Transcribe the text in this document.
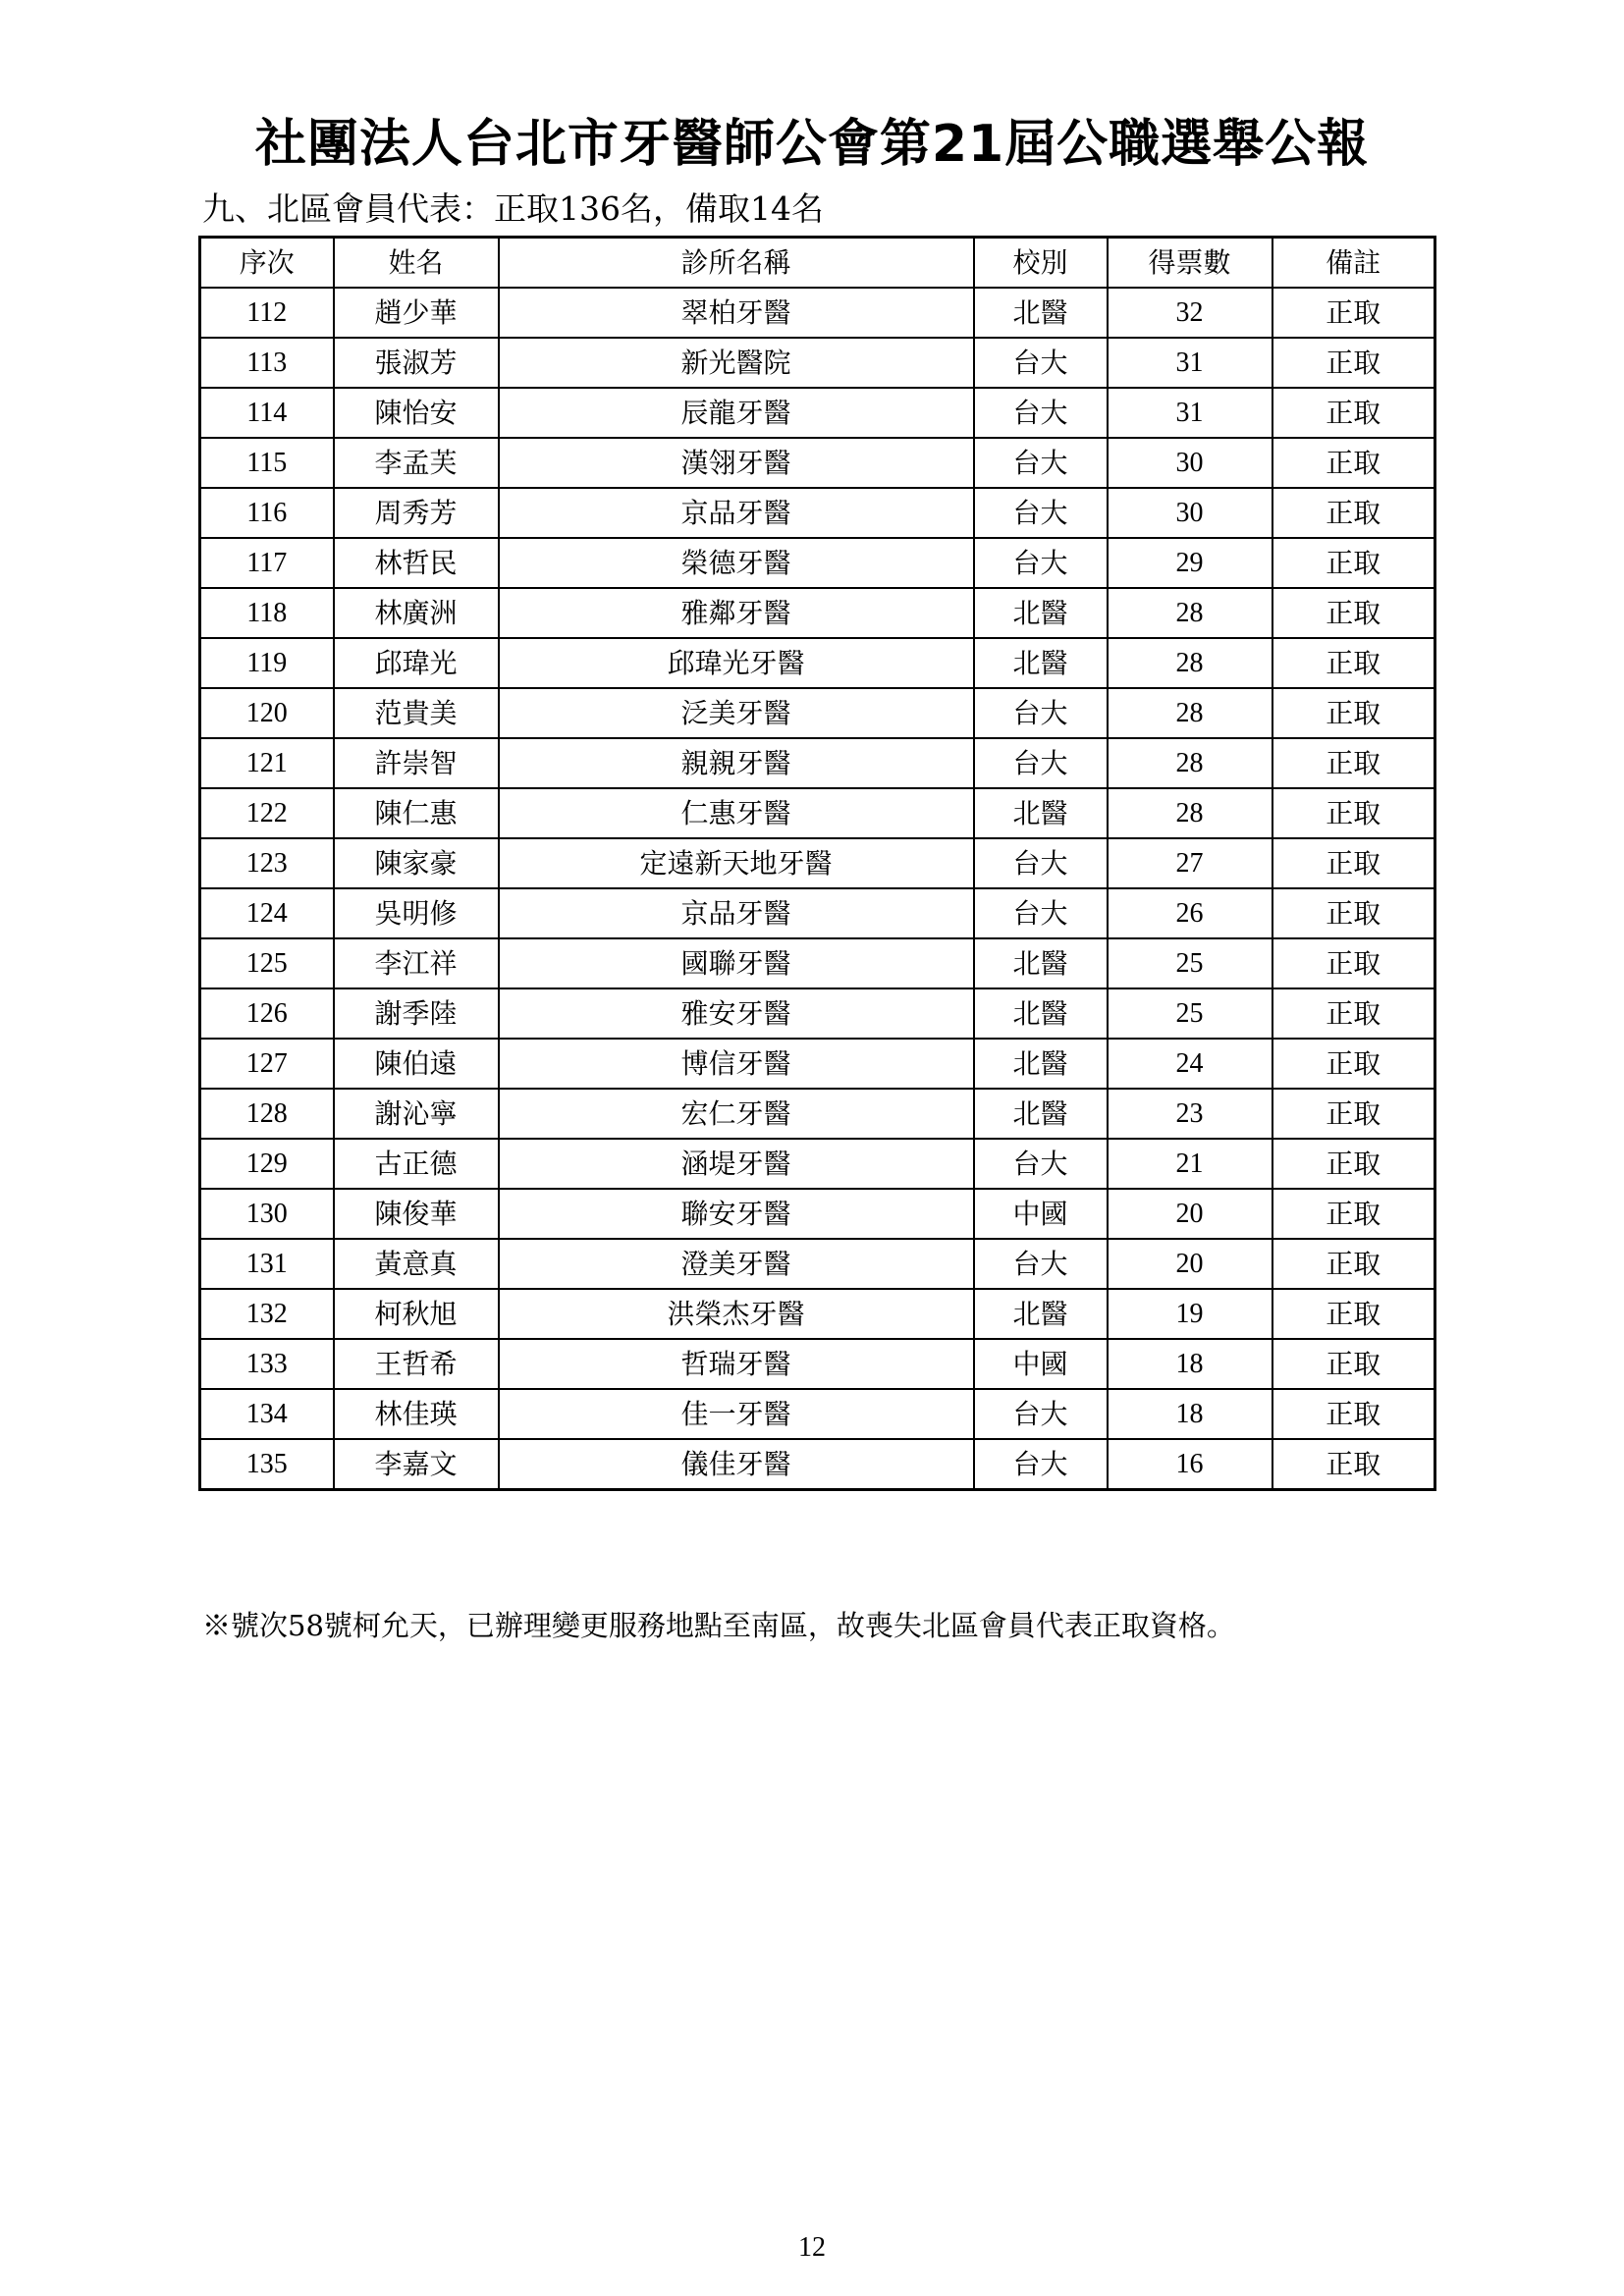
社團法人台北市牙醫師公會第21屆公職選舉公報
九、北區會員代表：正取136名，備取14名
序次	姓名	診所名稱	校別	得票數	備註
112	趙少華	翠柏牙醫	北醫	32	正取
113	張淑芳	新光醫院	台大	31	正取
114	陳怡安	辰龍牙醫	台大	31	正取
115	李孟芙	漢翎牙醫	台大	30	正取
116	周秀芳	京品牙醫	台大	30	正取
117	林哲民	榮德牙醫	台大	29	正取
118	林廣洲	雅鄰牙醫	北醫	28	正取
119	邱瑋光	邱瑋光牙醫	北醫	28	正取
120	范貴美	泛美牙醫	台大	28	正取
121	許崇智	親親牙醫	台大	28	正取
122	陳仁惠	仁惠牙醫	北醫	28	正取
123	陳家豪	定遠新天地牙醫	台大	27	正取
124	吳明修	京品牙醫	台大	26	正取
125	李江祥	國聯牙醫	北醫	25	正取
126	謝季陸	雅安牙醫	北醫	25	正取
127	陳伯遠	博信牙醫	北醫	24	正取
128	謝沁寧	宏仁牙醫	北醫	23	正取
129	古正德	涵堤牙醫	台大	21	正取
130	陳俊華	聯安牙醫	中國	20	正取
131	黃意真	澄美牙醫	台大	20	正取
132	柯秋旭	洪榮杰牙醫	北醫	19	正取
133	王哲希	哲瑞牙醫	中國	18	正取
134	林佳瑛	佳一牙醫	台大	18	正取
135	李嘉文	儀佳牙醫	台大	16	正取
※號次58號柯允天，已辦理變更服務地點至南區，故喪失北區會員代表正取資格。
12
